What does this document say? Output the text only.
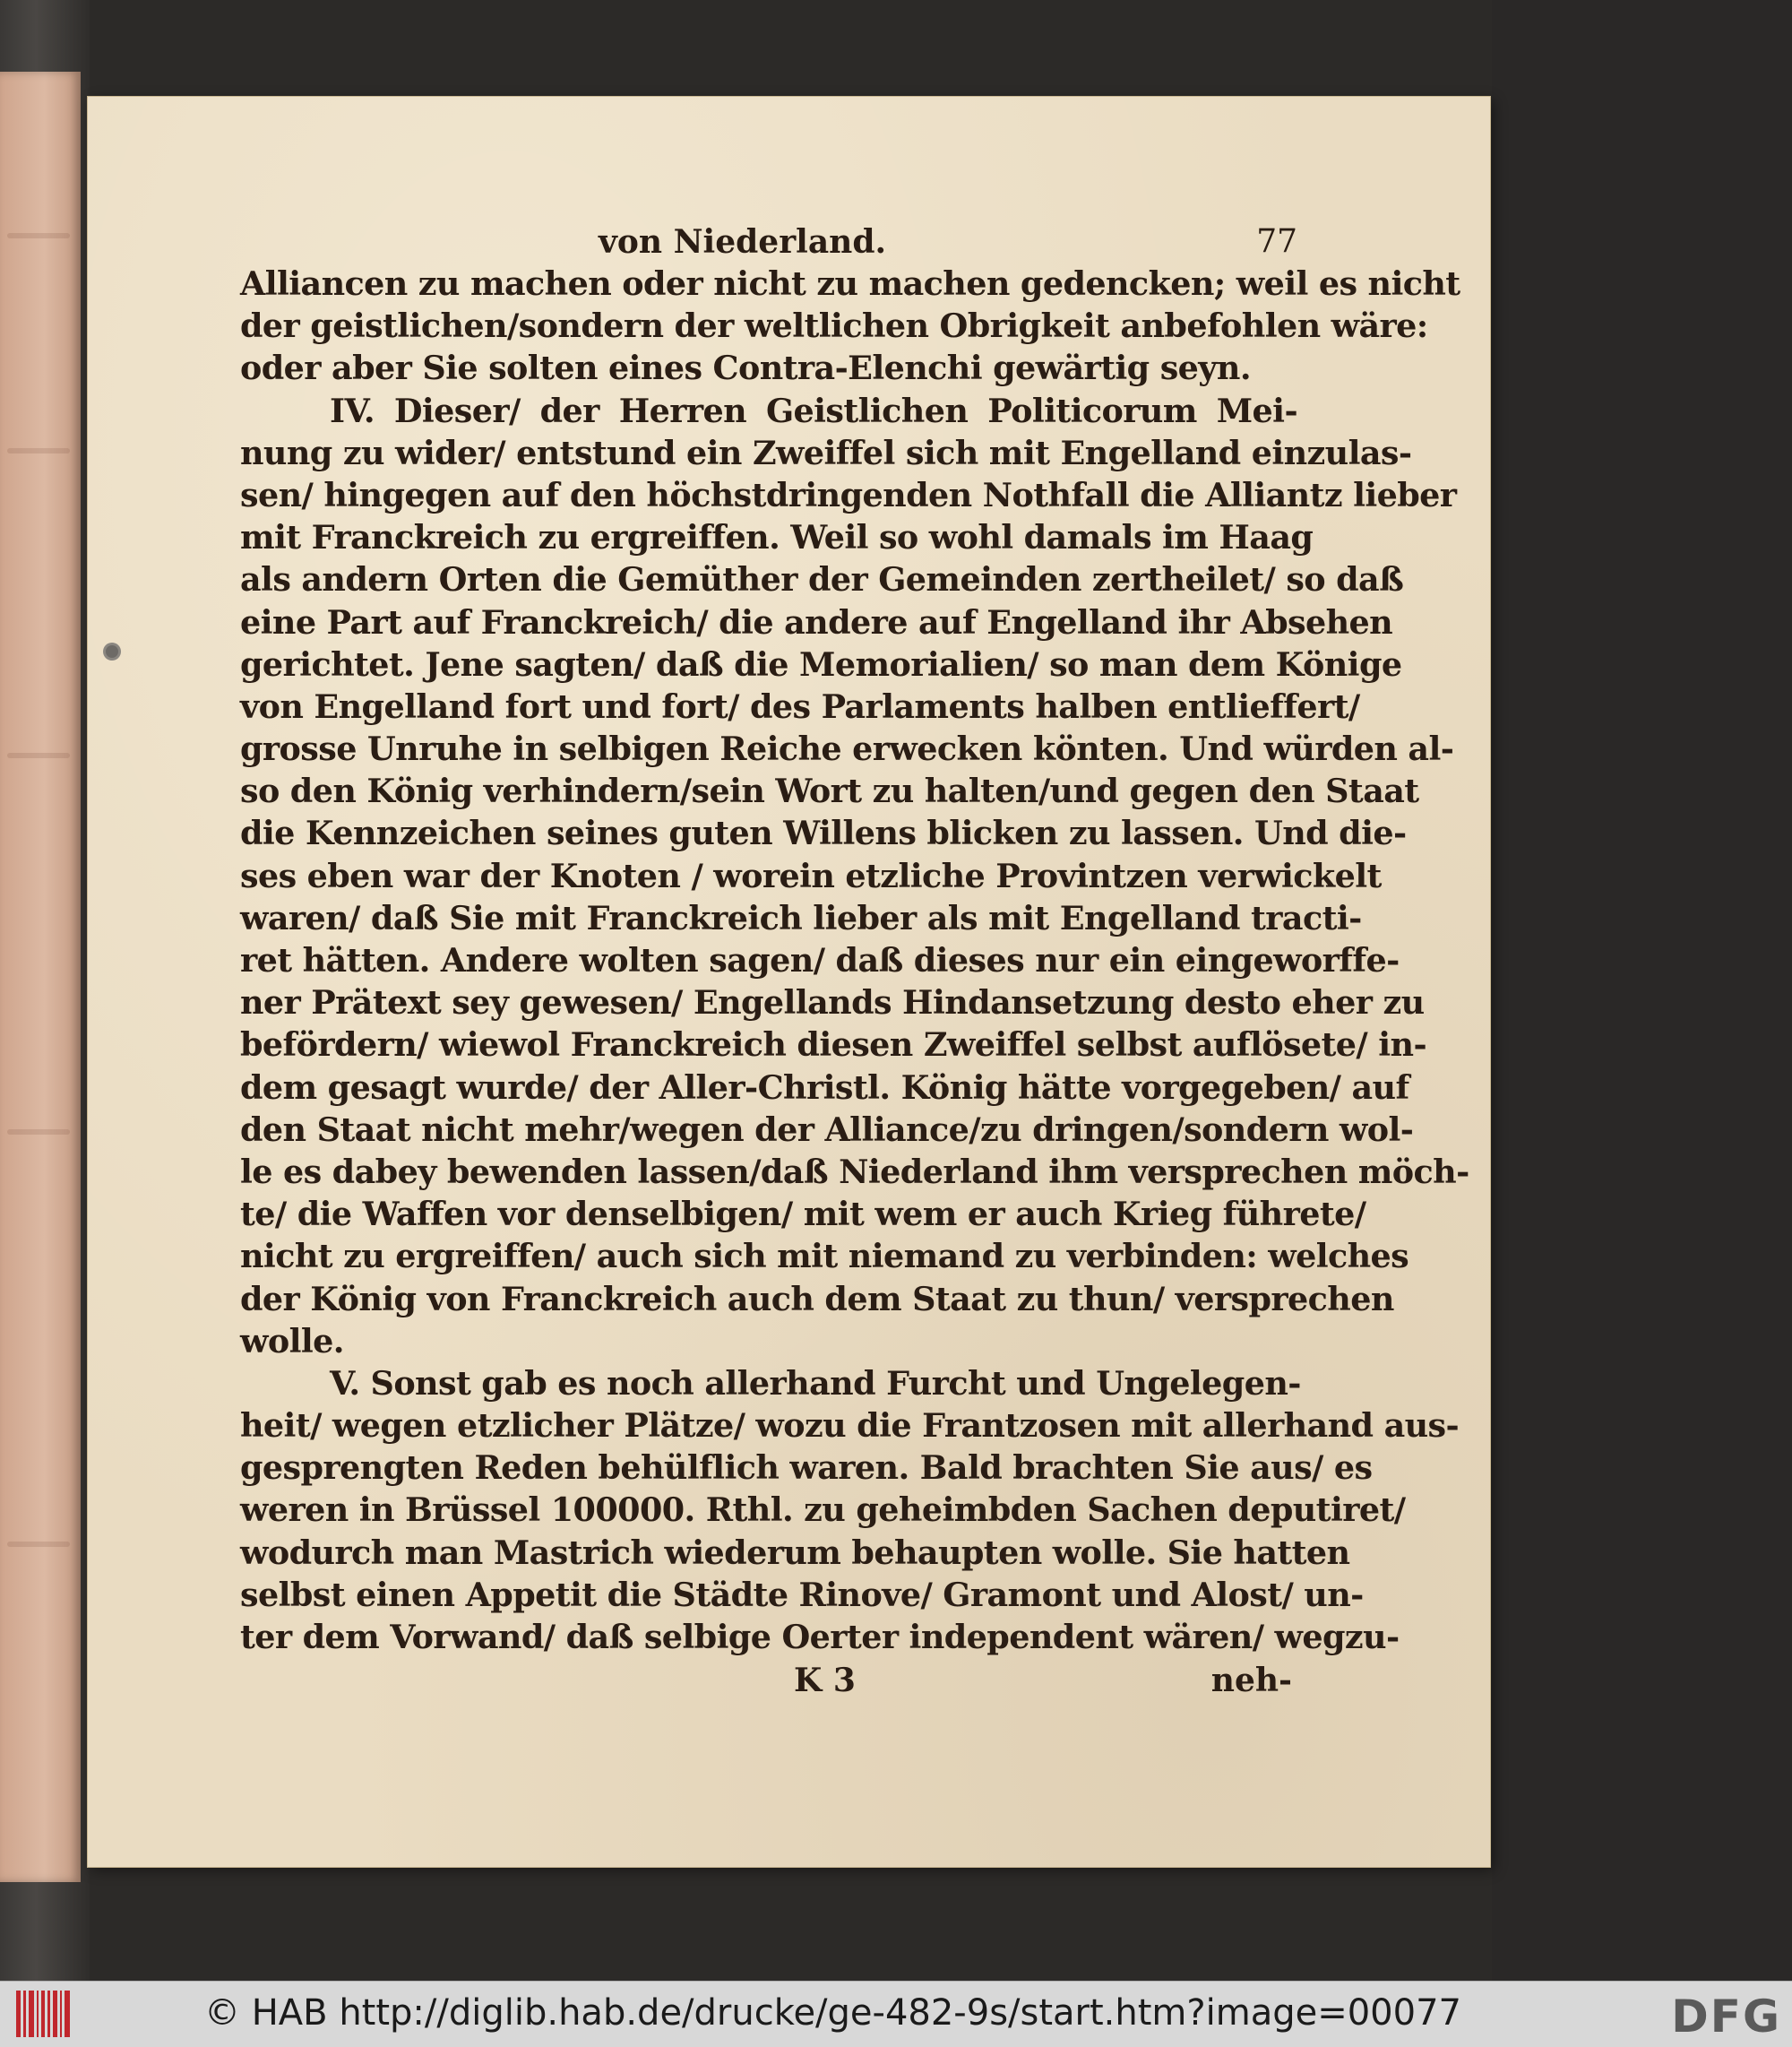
von Niederland.	77
Alliancen zu machen oder nicht zu machen gedencken; weil es nicht
der geistlichen/sondern der weltlichen Obrigkeit anbefohlen wäre:
oder aber Sie solten eines Contra-Elenchi gewärtig seyn.
IV. Dieser/ der Herren Geistlichen Politicorum Mei-
nung zu wider/ entstund ein Zweiffel sich mit Engelland einzulas-
sen/ hingegen auf den höchstdringenden Nothfall die Alliantz lieber
mit Franckreich zu ergreiffen. Weil so wohl damals im Haag
als andern Orten die Gemüther der Gemeinden zertheilet/ so daß
eine Part auf Franckreich/ die andere auf Engelland ihr Absehen
gerichtet. Jene sagten/ daß die Memorialien/ so man dem Könige
von Engelland fort und fort/ des Parlaments halben entlieffert/
grosse Unruhe in selbigen Reiche erwecken könten. Und würden al-
so den König verhindern/sein Wort zu halten/und gegen den Staat
die Kennzeichen seines guten Willens blicken zu lassen. Und die-
ses eben war der Knoten / worein etzliche Provintzen verwickelt
waren/ daß Sie mit Franckreich lieber als mit Engelland tracti-
ret hätten. Andere wolten sagen/ daß dieses nur ein eingeworffe-
ner Prätext sey gewesen/ Engellands Hindansetzung desto eher zu
befördern/ wiewol Franckreich diesen Zweiffel selbst auflösete/ in-
dem gesagt wurde/ der Aller-Christl. König hätte vorgegeben/ auf
den Staat nicht mehr/wegen der Alliance/zu dringen/sondern wol-
le es dabey bewenden lassen/daß Niederland ihm versprechen möch-
te/ die Waffen vor denselbigen/ mit wem er auch Krieg führete/
nicht zu ergreiffen/ auch sich mit niemand zu verbinden: welches
der König von Franckreich auch dem Staat zu thun/ versprechen
wolle.
V. Sonst gab es noch allerhand Furcht und Ungelegen-
heit/ wegen etzlicher Plätze/ wozu die Frantzosen mit allerhand aus-
gesprengten Reden behülflich waren. Bald brachten Sie aus/ es
weren in Brüssel 100000. Rthl. zu geheimbden Sachen deputiret/
wodurch man Mastrich wiederum behaupten wolle. Sie hatten
selbst einen Appetit die Städte Rinove/ Gramont und Alost/ un-
ter dem Vorwand/ daß selbige Oerter independent wären/ wegzu-
K 3	neh-
© HAB http://diglib.hab.de/drucke/ge-482-9s/start.htm?image=00077	DFG
